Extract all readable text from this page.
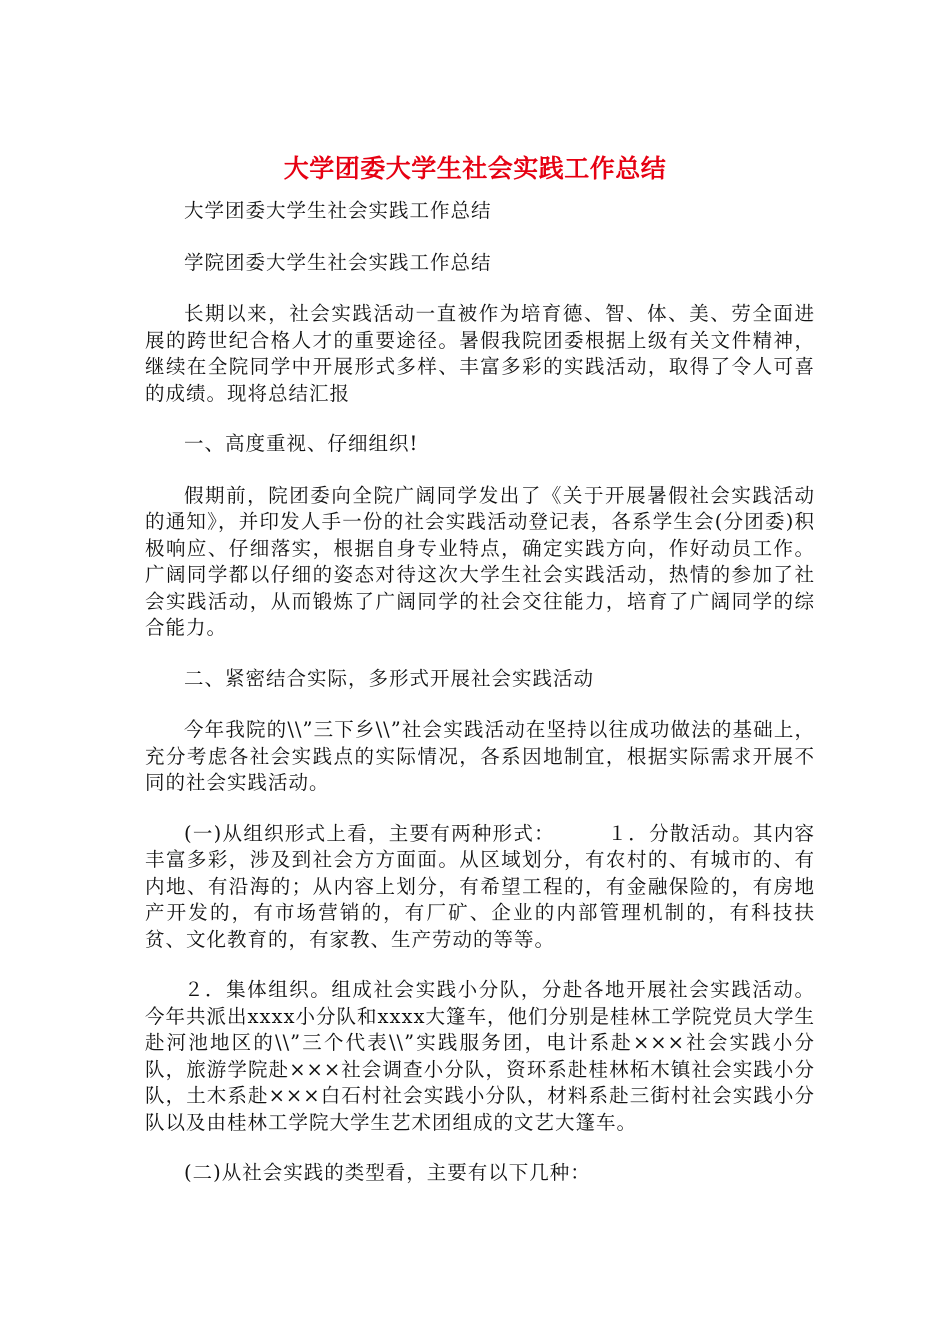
大学团委大学生社会实践工作总结

大学团委大学生社会实践工作总结

学院团委大学生社会实践工作总结

长期以来，社会实践活动一直被作为培育德、智、体、美、劳全面进展的跨世纪合格人才的重要途径。暑假我院团委根据上级有关文件精神，继续在全院同学中开展形式多样、丰富多彩的实践活动，取得了令人可喜的成绩。现将总结汇报

一、高度重视、仔细组织!

假期前，院团委向全院广阔同学发出了《关于开展暑假社会实践活动的通知》，并印发人手一份的社会实践活动登记表，各系学生会(分团委)积极响应、仔细落实，根据自身专业特点，确定实践方向，作好动员工作。广阔同学都以仔细的姿态对待这次大学生社会实践活动，热情的参加了社会实践活动，从而锻炼了广阔同学的社会交往能力，培育了广阔同学的综合能力。

二、紧密结合实际，多形式开展社会实践活动

今年我院的\\”三下乡\\”社会实践活动在坚持以往成功做法的基础上，充分考虑各社会实践点的实际情况，各系因地制宜，根据实际需求开展不同的社会实践活动。

(一)从组织形式上看，主要有两种形式：　　　１．分散活动。其内容丰富多彩，涉及到社会方方面面。从区域划分，有农村的、有城市的、有内地、有沿海的；从内容上划分，有希望工程的，有金融保险的，有房地产开发的，有市场营销的，有厂矿、企业的内部管理机制的，有科技扶贫、文化教育的，有家教、生产劳动的等等。

２．集体组织。组成社会实践小分队，分赴各地开展社会实践活动。今年共派出xxxx小分队和xxxx大篷车，他们分别是桂林工学院党员大学生赴河池地区的\\”三个代表\\”实践服务团，电计系赴×××社会实践小分队，旅游学院赴×××社会调查小分队，资环系赴桂林柘木镇社会实践小分队，土木系赴×××白石村社会实践小分队，材料系赴三街村社会实践小分队以及由桂林工学院大学生艺术团组成的文艺大篷车。

(二)从社会实践的类型看，主要有以下几种：
